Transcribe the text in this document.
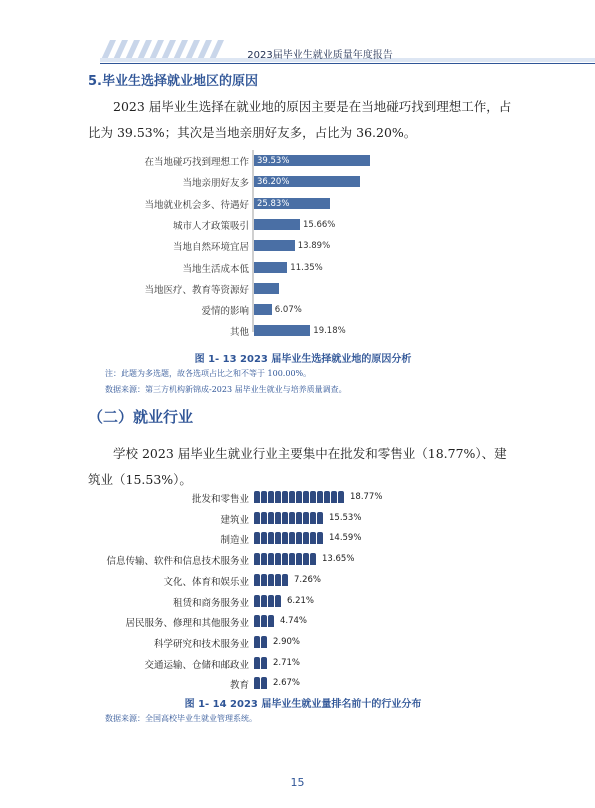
2023届毕业生就业质量年度报告
5.毕业生选择就业地区的原因
2023 届毕业生选择在就业地的原因主要是在当地碰巧找到理想工作，占比为 39.53%；其次是当地亲朋好友多，占比为 36.20%。
在当地碰巧找到理想工作 39.53%
当地亲朋好友多 36.20%
当地就业机会多、待遇好 25.83%
城市人才政策吸引	15.66%
当地自然环境宜居	13.89%
当地生活成本低	11.35%
当地医疗、教育等资源好
爱情的影响	6.07%
其他	19.18%
图 1- 13 2023 届毕业生选择就业地的原因分析
注：此题为多选题，故各选项占比之和不等于 100.00%。
数据来源：第三方机构新锦成-2023 届毕业生就业与培养质量调查。
（二）就业行业
学校 2023 届毕业生就业行业主要集中在批发和零售业（18.77%）、建筑业（15.53%）。
批发和零售业	18.77%
建筑业	15.53%
制造业	14.59%
信息传输、软件和信息技术服务业	13.65%
文化、体育和娱乐业	7.26%
租赁和商务服务业	6.21%
居民服务、修理和其他服务业	4.74%
科学研究和技术服务业	2.90%
交通运输、仓储和邮政业	2.71%
教育	2.67%
图 1- 14 2023 届毕业生就业量排名前十的行业分布
数据来源：全国高校毕业生就业管理系统。
15
